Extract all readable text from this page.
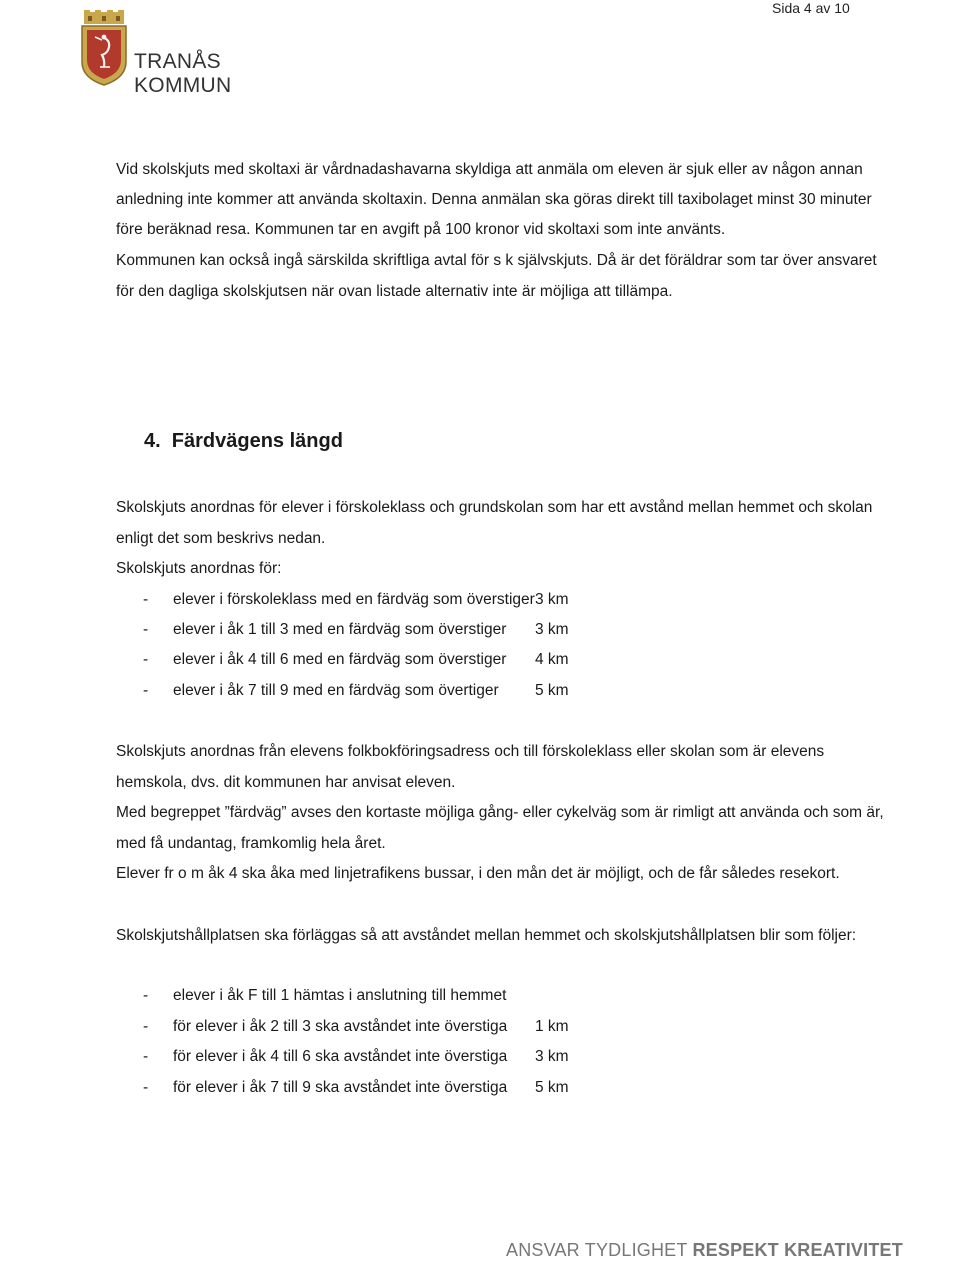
Sida 4 av 10
TRANÅS KOMMUN
Vid skolskjuts med skoltaxi är vårdnadashavarna skyldiga att anmäla om eleven är sjuk eller av någon annan
anledning inte kommer att använda skoltaxin. Denna anmälan ska göras direkt till taxibolaget minst 30 minuter
före beräknad resa. Kommunen tar en avgift på 100 kronor vid skoltaxi som inte använts.
Kommunen kan också ingå särskilda skriftliga avtal för s k självskjuts. Då är det föräldrar som tar över ansvaret
för den dagliga skolskjutsen när ovan listade alternativ inte är möjliga att tillämpa.
4.  Färdvägens längd
Skolskjuts anordnas för elever i förskoleklass och grundskolan som har ett avstånd mellan hemmet och skolan
enligt det som beskrivs nedan.
Skolskjuts anordnas för:
- elever i förskoleklass med en färdväg som överstiger 3 km
- elever i åk 1 till 3 med en färdväg som överstiger 3 km
- elever i åk 4 till 6 med en färdväg som överstiger 4 km
- elever i åk 7 till 9 med en färdväg som övertiger 5 km
Skolskjuts anordnas från elevens folkbokföringsadress och till förskoleklass eller skolan som är elevens
hemskola, dvs. dit kommunen har anvisat eleven.
Med begreppet ”färdväg” avses den kortaste möjliga gång- eller cykelväg som är rimligt att använda och som är,
med få undantag, framkomlig hela året.
Elever fr o m åk 4 ska åka med linjetrafikens bussar, i den mån det är möjligt, och de får således resekort.
Skolskjutshållplatsen ska förläggas så att avståndet mellan hemmet och skolskjutshållplatsen blir som följer:
- elever i åk F till 1 hämtas i anslutning till hemmet
- för elever i åk 2 till 3 ska avståndet inte överstiga 1 km
- för elever i åk 4 till 6 ska avståndet inte överstiga 3 km
- för elever i åk 7 till 9 ska avståndet inte överstiga 5 km
ANSVAR TYDLIGHET RESPEKT KREATIVITET
